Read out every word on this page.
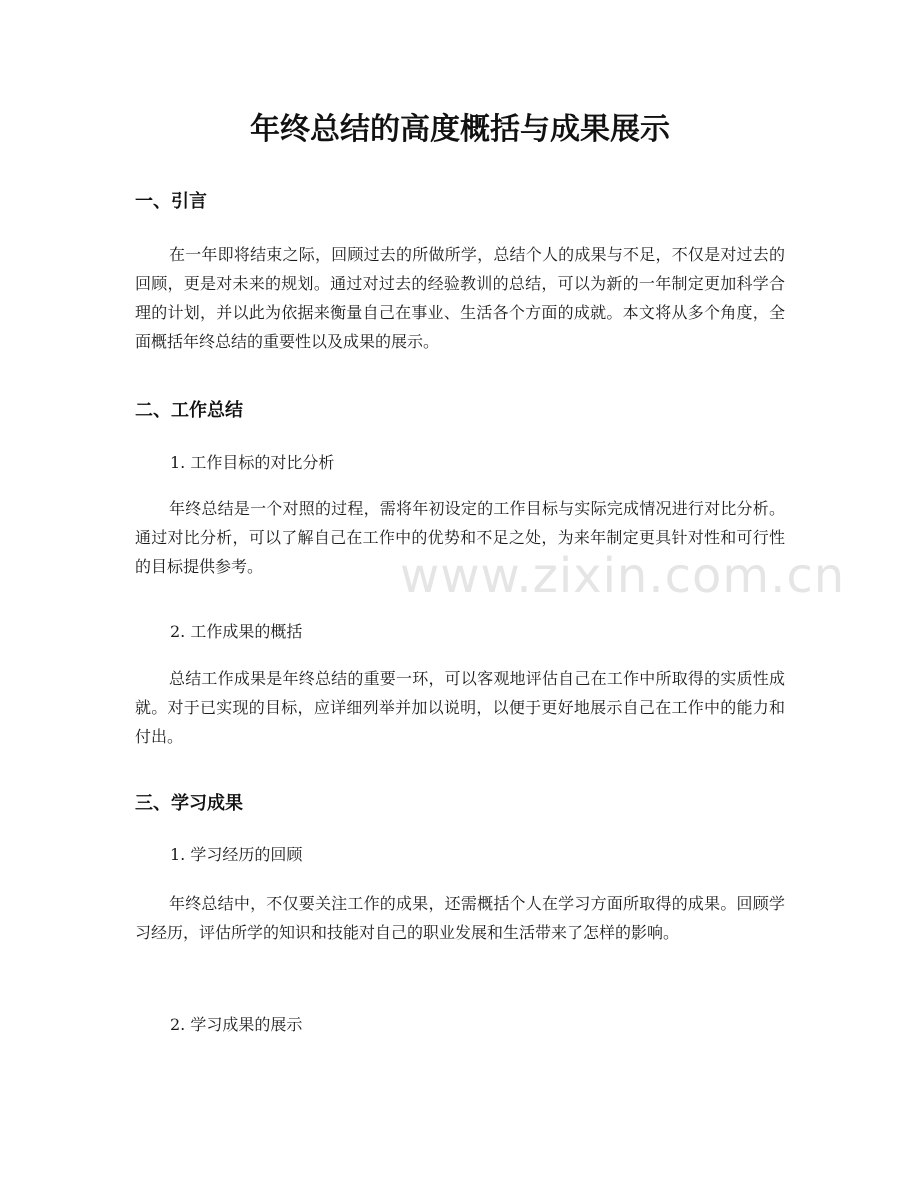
年终总结的高度概括与成果展示
一、引言

在一年即将结束之际，回顾过去的所做所学，总结个人的成果与不足，不仅是对过去的回顾，更是对未来的规划。通过对过去的经验教训的总结，可以为新的一年制定更加科学合理的计划，并以此为依据来衡量自己在事业、生活各个方面的成就。本文将从多个角度，全面概括年终总结的重要性以及成果的展示。

二、工作总结

1. 工作目标的对比分析

年终总结是一个对照的过程，需将年初设定的工作目标与实际完成情况进行对比分析。通过对比分析，可以了解自己在工作中的优势和不足之处，为来年制定更具针对性和可行性的目标提供参考。

2. 工作成果的概括

总结工作成果是年终总结的重要一环，可以客观地评估自己在工作中所取得的实质性成就。对于已实现的目标，应详细列举并加以说明，以便于更好地展示自己在工作中的能力和付出。

三、学习成果

1. 学习经历的回顾

年终总结中，不仅要关注工作的成果，还需概括个人在学习方面所取得的成果。回顾学习经历，评估所学的知识和技能对自己的职业发展和生活带来了怎样的影响。

2. 学习成果的展示

www.zixin.com.cn
